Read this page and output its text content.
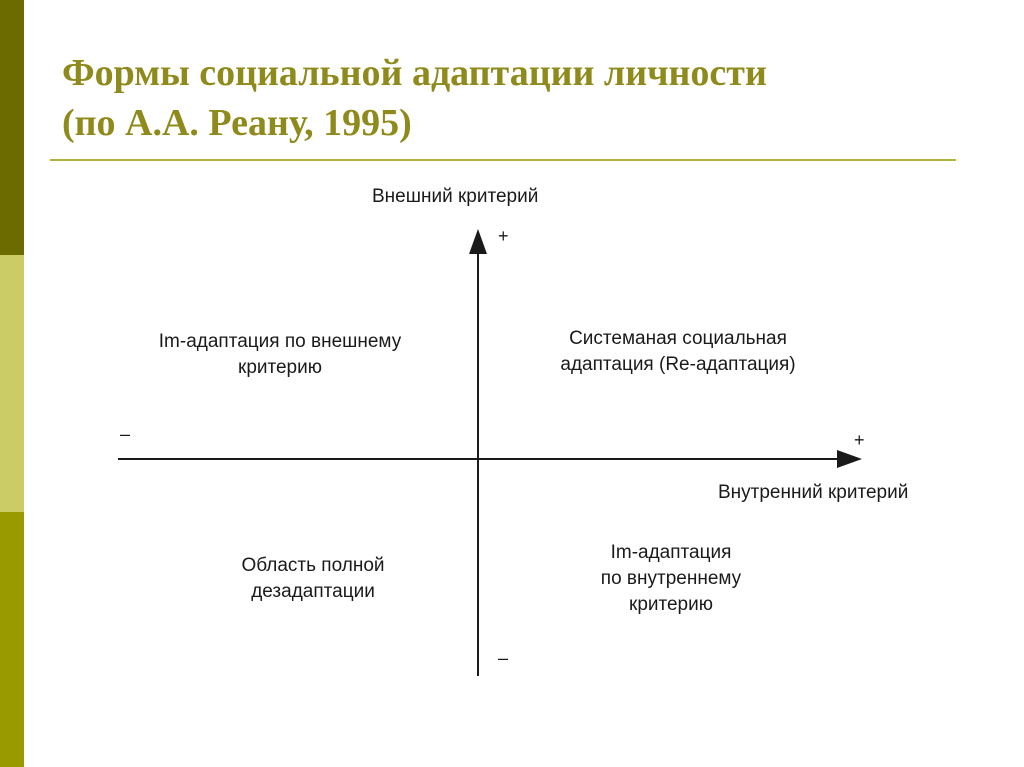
Формы социальной адаптации личности
(по А.А. Реану, 1995)
Внешний критерий
Внутренний критерий
+
–
+
–
Im-адаптация по внешнему
критерию
Системаная социальная
адаптация (Re-адаптация)
Область полной
дезадаптации
Im-адаптация
по внутреннему
критерию
